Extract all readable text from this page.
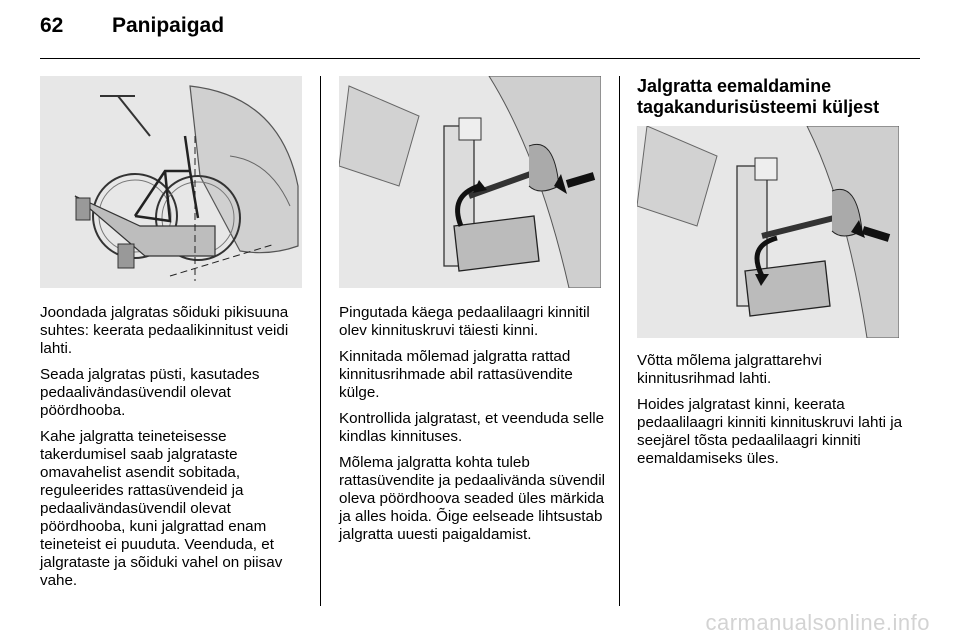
62 Panipaigad

Joondada jalgratas sõiduki pikisuuna suhtes: keerata pedaalikinnitust veidi lahti.

Seada jalgratas püsti, kasutades pedaalivändasüvendil olevat pöördhooba.

Kahe jalgratta teineteisesse takerdumisel saab jalgrataste omavahelist asendit sobitada, reguleerides rattasüvendeid ja pedaalivändasüvendil olevat pöördhooba, kuni jalgrattad enam teineteist ei puuduta. Veenduda, et jalgrataste ja sõiduki vahel on piisav vahe.

Pingutada käega pedaalilaagri kinnitil olev kinnituskruvi täiesti kinni.

Kinnitada mõlemad jalgratta rattad kinnitusrihmade abil rattasüvendite külge.

Kontrollida jalgratast, et veenduda selle kindlas kinnituses.

Mõlema jalgratta kohta tuleb rattasüvendite ja pedaalivända süvendil oleva pöördhoova seaded üles märkida ja alles hoida. Õige eelseade lihtsustab jalgratta uuesti paigaldamist.

Jalgratta eemaldamine tagakandurisüsteemi küljest

Võtta mõlema jalgrattarehvi kinnitusrihmad lahti.

Hoides jalgratast kinni, keerata pedaalilaagri kinniti kinnituskruvi lahti ja seejärel tõsta pedaalilaagri kinniti eemaldamiseks üles.

carmanualsonline.info
